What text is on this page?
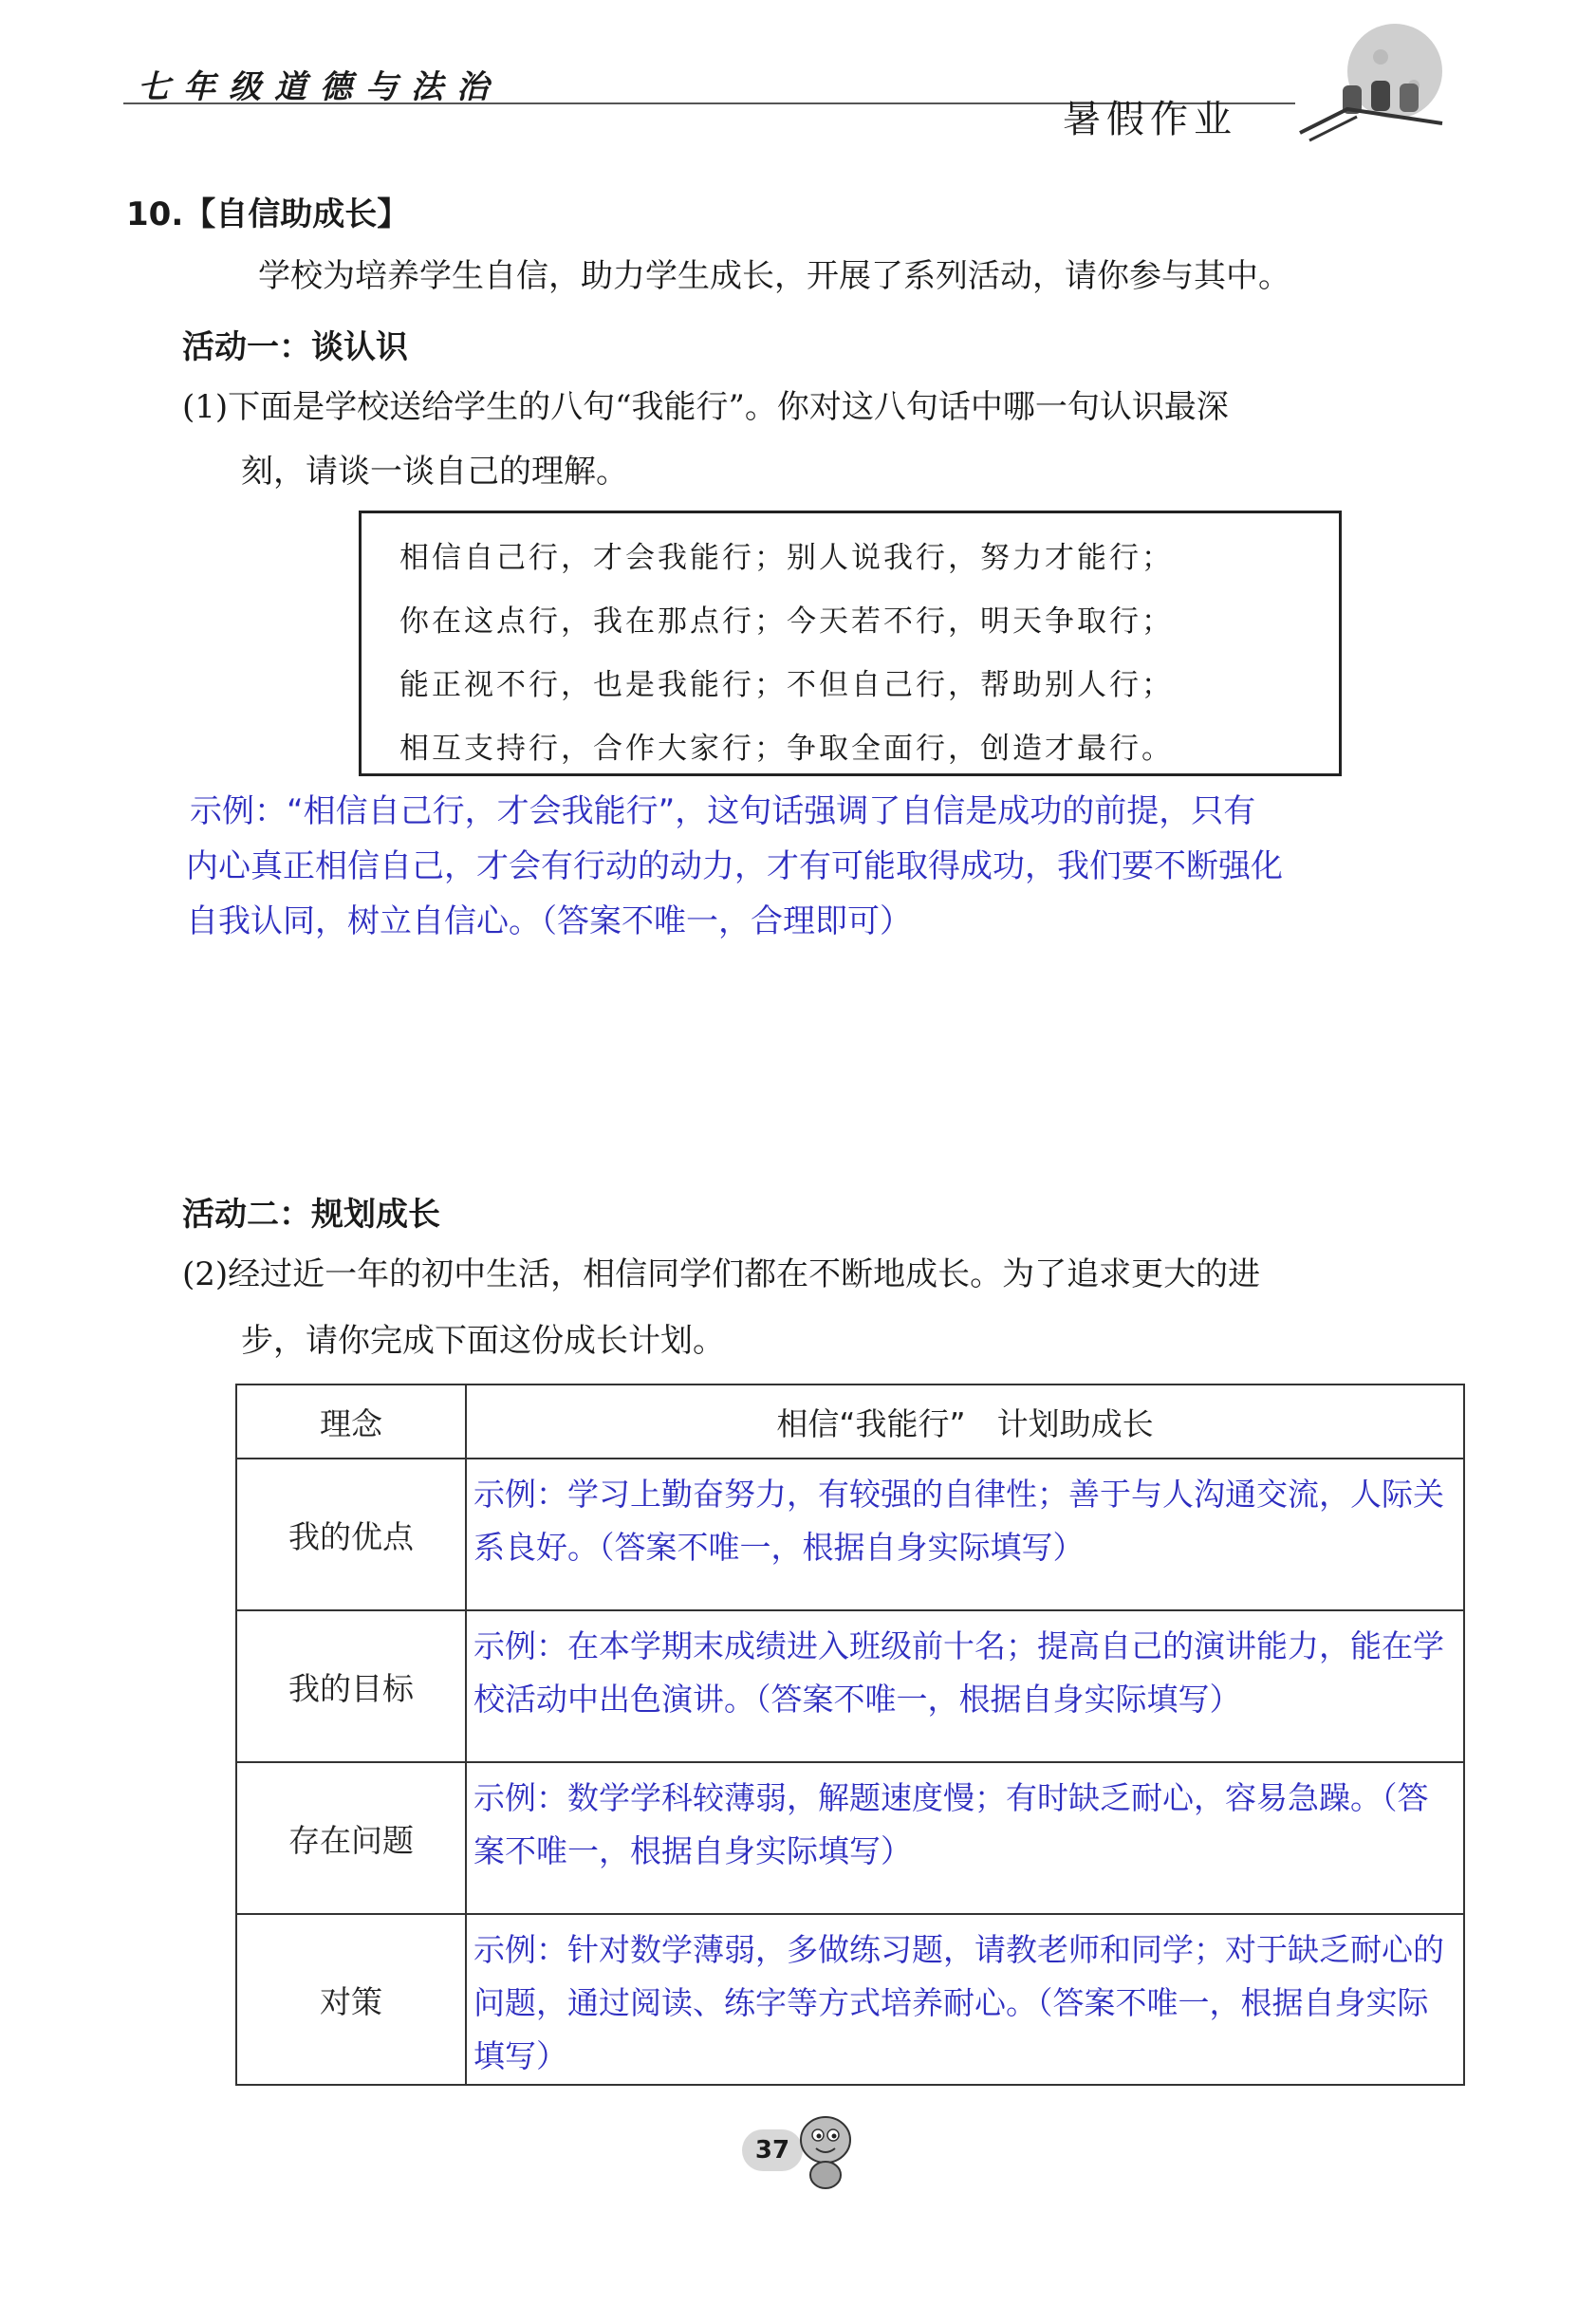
七年级道德与法治
暑假作业
10.【自信助成长】
学校为培养学生自信，助力学生成长，开展了系列活动，请你参与其中。
活动一：谈认识
(1)下面是学校送给学生的八句“我能行”。你对这八句话中哪一句认识最深
刻，请谈一谈自己的理解。
相信自己行，才会我能行；别人说我行，努力才能行；
你在这点行，我在那点行；今天若不行，明天争取行；
能正视不行，也是我能行；不但自己行，帮助别人行；
相互支持行，合作大家行；争取全面行，创造才最行。
示例：“相信自己行，才会我能行”，这句话强调了自信是成功的前提，只有
内心真正相信自己，才会有行动的动力，才有可能取得成功，我们要不断强化
自我认同，树立自信心。（答案不唯一，合理即可）
活动二：规划成长
(2)经过近一年的初中生活，相信同学们都在不断地成长。为了追求更大的进
步，请你完成下面这份成长计划。
理念	相信“我能行”　计划助成长
我的优点	示例：学习上勤奋努力，有较强的自律性；善于与人沟通交流，人际关系良好。（答案不唯一，根据自身实际填写）

我的目标	示例：在本学期末成绩进入班级前十名；提高自己的演讲能力，能在学校活动中出色演讲。（答案不唯一，根据自身实际填写）

存在问题	示例：数学学科较薄弱，解题速度慢；有时缺乏耐心，容易急躁。（答案不唯一，根据自身实际填写）

对策	示例：针对数学薄弱，多做练习题，请教老师和同学；对于缺乏耐心的问题，通过阅读、练字等方式培养耐心。（答案不唯一，根据自身实际填写）
37
